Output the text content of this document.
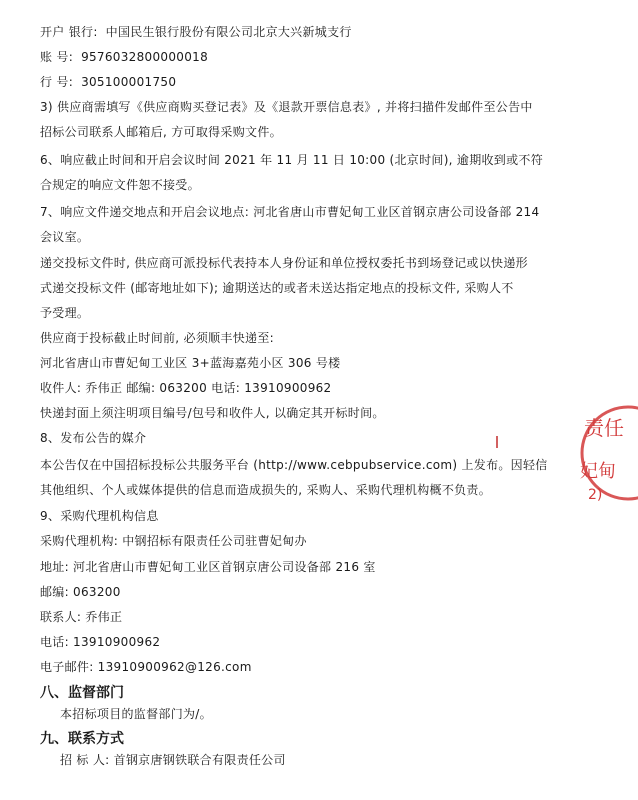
开户 银行: 中国民生银行股份有限公司北京大兴新城支行
账 号: 9576032800000018
行 号: 305100001750
3) 供应商需填写《供应商购买登记表》及《退款开票信息表》, 并将扫描件发邮件至公告中
招标公司联系人邮箱后, 方可取得采购文件。
6、响应截止时间和开启会议时间 2021 年 11 月 11 日 10:00 (北京时间), 逾期收到或不符
合规定的响应文件恕不接受。
7、响应文件递交地点和开启会议地点: 河北省唐山市曹妃甸工业区首钢京唐公司设备部 214
会议室。
递交投标文件时, 供应商可派投标代表持本人身份证和单位授权委托书到场登记或以快递形
式递交投标文件 (邮寄地址如下); 逾期送达的或者未送达指定地点的投标文件, 采购人不
予受理。
供应商于投标截止时间前, 必须顺丰快递至:
河北省唐山市曹妃甸工业区 3+蓝海嘉苑小区 306 号楼
收件人: 乔伟正 邮编: 063200 电话: 13910900962
快递封面上须注明项目编号/包号和收件人, 以确定其开标时间。
8、发布公告的媒介
本公告仅在中国招标投标公共服务平台 (http://www.cebpubservice.com) 上发布。因轻信
其他组织、个人或媒体提供的信息而造成损失的, 采购人、采购代理机构概不负责。
9、采购代理机构信息
采购代理机构: 中钢招标有限责任公司驻曹妃甸办
地址: 河北省唐山市曹妃甸工业区首钢京唐公司设备部 216 室
邮编: 063200
联系人: 乔伟正
电话: 13910900962
电子邮件: 13910900962@126.com
八、监督部门
本招标项目的监督部门为/。
九、联系方式
招 标 人: 首钢京唐钢铁联合有限责任公司
责任
妃甸
2)
